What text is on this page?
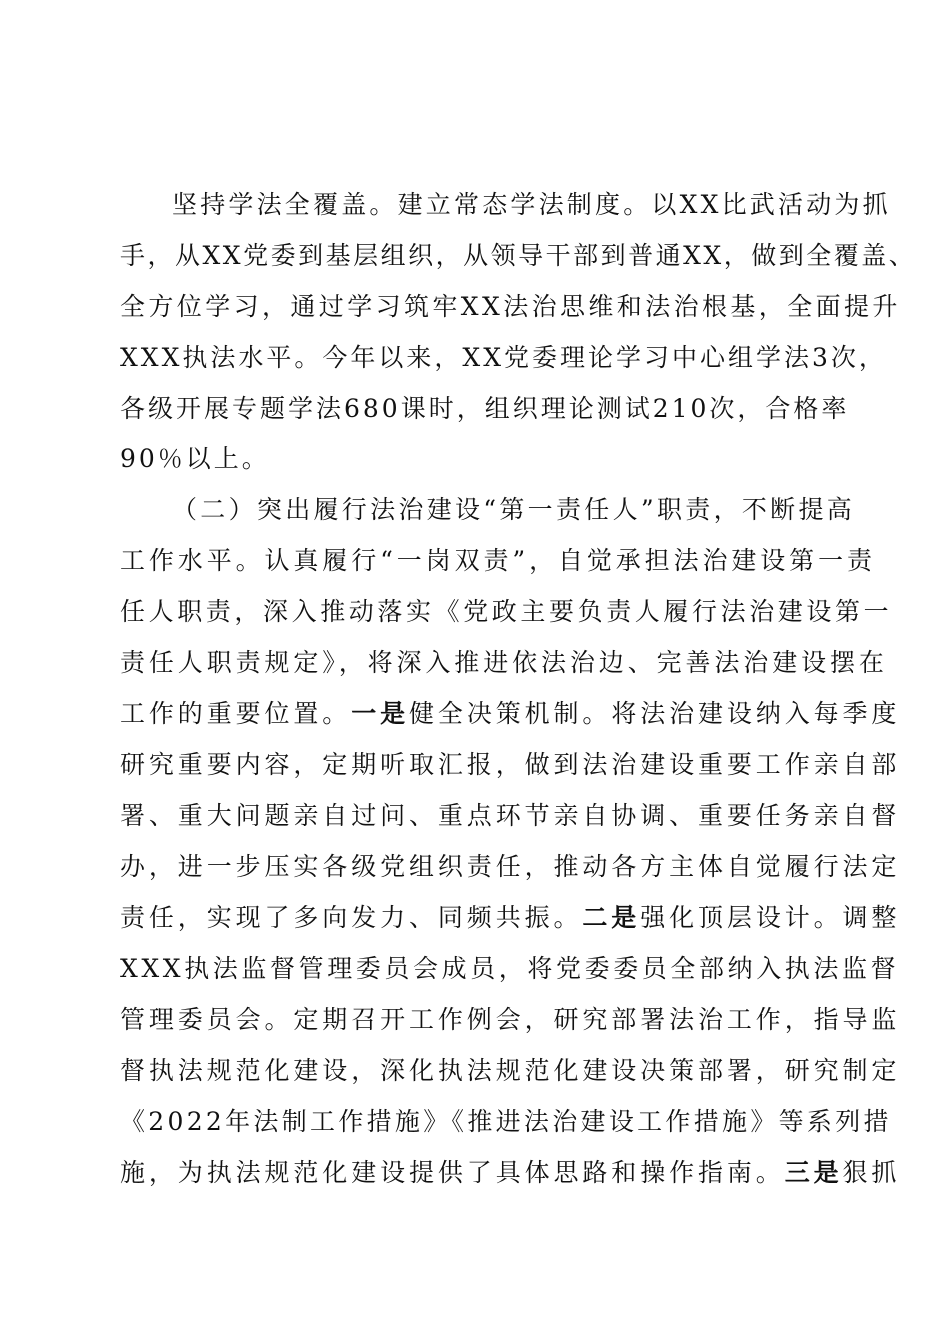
坚持学法全覆盖。建立常态学法制度。以XX比武活动为抓
手，从XX党委到基层组织，从领导干部到普通XX，做到全覆盖、
全方位学习，通过学习筑牢XX法治思维和法治根基，全面提升
XXX执法水平。今年以来，XX党委理论学习中心组学法3次，
各级开展专题学法680课时，组织理论测试210次，合格率
90％以上。
（二）突出履行法治建设“第一责任人”职责，不断提高
工作水平。认真履行“一岗双责”，自觉承担法治建设第一责
任人职责，深入推动落实《党政主要负责人履行法治建设第一
责任人职责规定》，将深入推进依法治边、完善法治建设摆在
工作的重要位置。一是健全决策机制。将法治建设纳入每季度
研究重要内容，定期听取汇报，做到法治建设重要工作亲自部
署、重大问题亲自过问、重点环节亲自协调、重要任务亲自督
办，进一步压实各级党组织责任，推动各方主体自觉履行法定
责任，实现了多向发力、同频共振。二是强化顶层设计。调整
XXX执法监督管理委员会成员，将党委委员全部纳入执法监督
管理委员会。定期召开工作例会，研究部署法治工作，指导监
督执法规范化建设，深化执法规范化建设决策部署，研究制定
《2022年法制工作措施》《推进法治建设工作措施》等系列措
施，为执法规范化建设提供了具体思路和操作指南。三是狠抓
